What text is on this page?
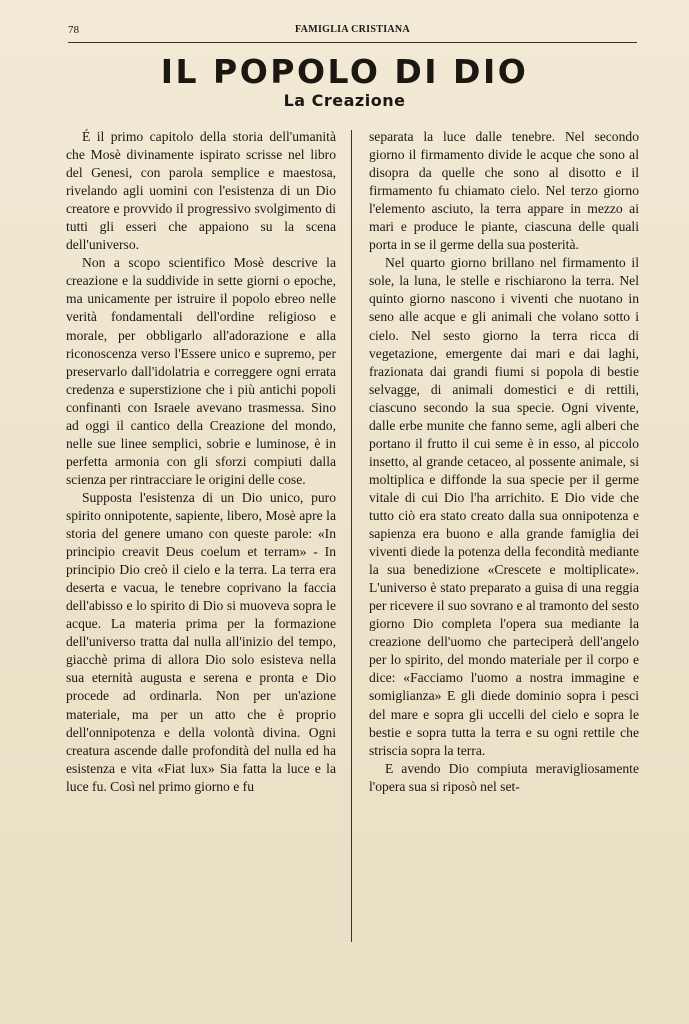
78	FAMIGLIA CRISTIANA
IL POPOLO DI DIO
La Creazione

É il primo capitolo della storia dell'umanità che Mosè divinamente ispirato scrisse nel libro del Genesi, con parola semplice e maestosa, rivelando agli uomini con l'esistenza di un Dio creatore e provvido il progressivo svolgimento di tutti gli esseri che appaiono su la scena dell'universo.

Non a scopo scientifico Mosè descrive la creazione e la suddivide in sette giorni o epoche, ma unicamente per istruire il popolo ebreo nelle verità fondamentali dell'ordine religioso e morale, per obbligarlo all'adorazione e alla riconoscenza verso l'Essere unico e supremo, per preservarlo dall'idolatria e correggere ogni errata credenza e superstizione che i più antichi popoli confinanti con Israele avevano trasmessa. Sino ad oggi il cantico della Creazione del mondo, nelle sue linee semplici, sobrie e luminose, è in perfetta armonia con gli sforzi compiuti dalla scienza per rintracciare le origini delle cose.

Supposta l'esistenza di un Dio unico, puro spirito onnipotente, sapiente, libero, Mosè apre la storia del genere umano con queste parole: «In principio creavit Deus coelum et terram» - In principio Dio creò il cielo e la terra. La terra era deserta e vacua, le tenebre coprivano la faccia dell'abisso e lo spirito di Dio si muoveva sopra le acque. La materia prima per la formazione dell'universo tratta dal nulla all'inizio del tempo, giacchè prima di allora Dio solo esisteva nella sua eternità augusta e serena e pronta e Dio procede ad ordinarla. Non per un'azione materiale, ma per un atto che è proprio dell'onnipotenza e della volontà divina. Ogni creatura ascende dalle profondità del nulla ed ha esistenza e vita «Fiat lux» Sia fatta la luce e la luce fu. Così nel primo giorno e fu

separata la luce dalle tenebre. Nel secondo giorno il firmamento divide le acque che sono al disopra da quelle che sono al disotto e il firmamento fu chiamato cielo. Nel terzo giorno l'elemento asciuto, la terra appare in mezzo ai mari e produce le piante, ciascuna delle quali porta in se il germe della sua posterità.

Nel quarto giorno brillano nel firmamento il sole, la luna, le stelle e rischiarono la terra. Nel quinto giorno nascono i viventi che nuotano in seno alle acque e gli animali che volano sotto i cielo. Nel sesto giorno la terra ricca di vegetazione, emergente dai mari e dai laghi, frazionata dai grandi fiumi si popola di bestie selvagge, di animali domestici e di rettili, ciascuno secondo la sua specie. Ogni vivente, dalle erbe munite che fanno seme, agli alberi che portano il frutto il cui seme è in esso, al piccolo insetto, al grande cetaceo, al possente animale, si moltiplica e diffonde la sua specie per il germe vitale di cui Dio l'ha arrichito. E Dio vide che tutto ciò era stato creato dalla sua onnipotenza e sapienza era buono e alla grande famiglia dei viventi diede la potenza della fecondità mediante la sua benedizione «Crescete e moltiplicate». L'universo è stato preparato a guisa di una reggia per ricevere il suo sovrano e al tramonto del sesto giorno Dio completa l'opera sua mediante la creazione dell'uomo che parteciperà dell'angelo per lo spirito, del mondo materiale per il corpo e dice: «Facciamo l'uomo a nostra immagine e somiglianza» E gli diede dominio sopra i pesci del mare e sopra gli uccelli del cielo e sopra le bestie e sopra tutta la terra e su ogni rettile che striscia sopra la terra.

E avendo Dio compiuta meravigliosamente l'opera sua si riposò nel set-
